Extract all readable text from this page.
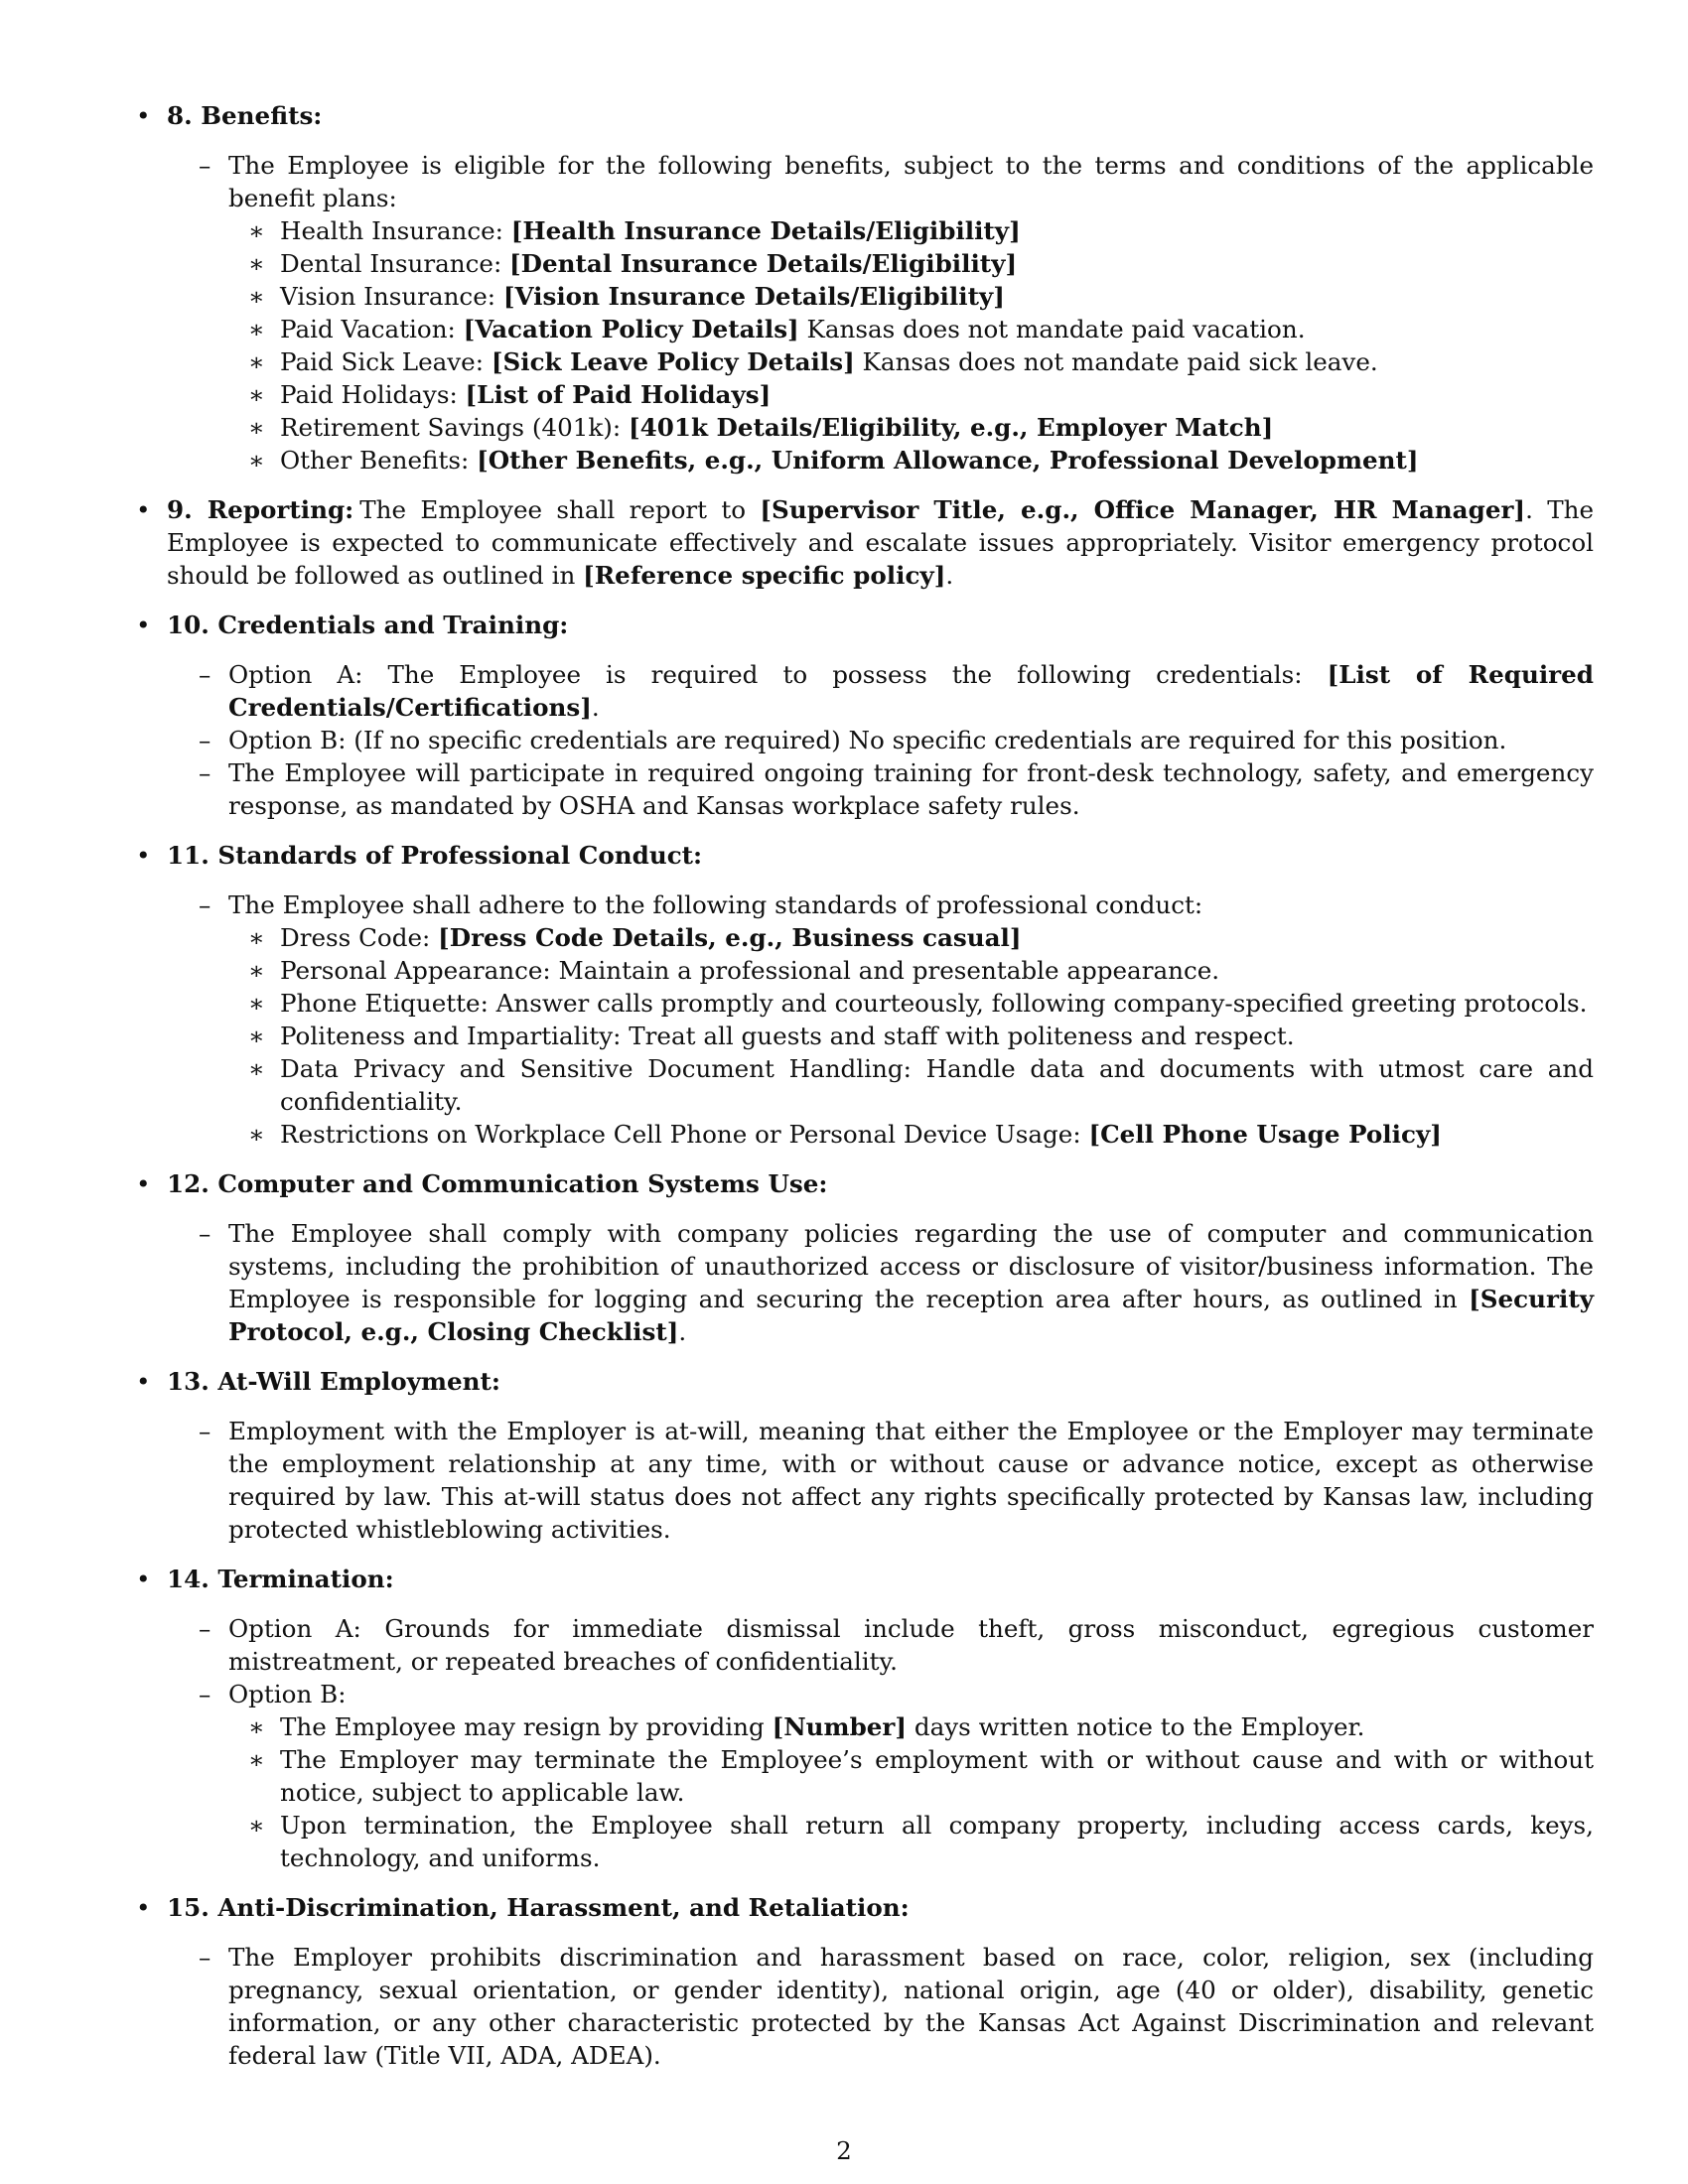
• 8. Benefits:
– The Employee is eligible for the following benefits, subject to the terms and conditions of the applicable benefit plans:
∗ Health Insurance: [Health Insurance Details/Eligibility]
∗ Dental Insurance: [Dental Insurance Details/Eligibility]
∗ Vision Insurance: [Vision Insurance Details/Eligibility]
∗ Paid Vacation: [Vacation Policy Details] Kansas does not mandate paid vacation.
∗ Paid Sick Leave: [Sick Leave Policy Details] Kansas does not mandate paid sick leave.
∗ Paid Holidays: [List of Paid Holidays]
∗ Retirement Savings (401k): [401k Details/Eligibility, e.g., Employer Match]
∗ Other Benefits: [Other Benefits, e.g., Uniform Allowance, Professional Development]
• 9. Reporting: The Employee shall report to [Supervisor Title, e.g., Office Manager, HR Manager]. The Employee is expected to communicate effectively and escalate issues appropriately. Visitor emergency protocol should be followed as outlined in [Reference specific policy].
• 10. Credentials and Training:
– Option A: The Employee is required to possess the following credentials: [List of Required Credentials/Certifications].
– Option B: (If no specific credentials are required) No specific credentials are required for this position.
– The Employee will participate in required ongoing training for front-desk technology, safety, and emergency response, as mandated by OSHA and Kansas workplace safety rules.
• 11. Standards of Professional Conduct:
– The Employee shall adhere to the following standards of professional conduct:
∗ Dress Code: [Dress Code Details, e.g., Business casual]
∗ Personal Appearance: Maintain a professional and presentable appearance.
∗ Phone Etiquette: Answer calls promptly and courteously, following company-specified greeting protocols.
∗ Politeness and Impartiality: Treat all guests and staff with politeness and respect.
∗ Data Privacy and Sensitive Document Handling: Handle data and documents with utmost care and confidentiality.
∗ Restrictions on Workplace Cell Phone or Personal Device Usage: [Cell Phone Usage Policy]
• 12. Computer and Communication Systems Use:
– The Employee shall comply with company policies regarding the use of computer and communication systems, including the prohibition of unauthorized access or disclosure of visitor/business information. The Employee is responsible for logging and securing the reception area after hours, as outlined in [Security Protocol, e.g., Closing Checklist].
• 13. At-Will Employment:
– Employment with the Employer is at-will, meaning that either the Employee or the Employer may terminate the employment relationship at any time, with or without cause or advance notice, except as otherwise required by law. This at-will status does not affect any rights specifically protected by Kansas law, including protected whistleblowing activities.
• 14. Termination:
– Option A: Grounds for immediate dismissal include theft, gross misconduct, egregious customer mistreatment, or repeated breaches of confidentiality.
– Option B:
∗ The Employee may resign by providing [Number] days written notice to the Employer.
∗ The Employer may terminate the Employee’s employment with or without cause and with or without notice, subject to applicable law.
∗ Upon termination, the Employee shall return all company property, including access cards, keys, technology, and uniforms.
• 15. Anti-Discrimination, Harassment, and Retaliation:
– The Employer prohibits discrimination and harassment based on race, color, religion, sex (including pregnancy, sexual orientation, or gender identity), national origin, age (40 or older), disability, genetic information, or any other characteristic protected by the Kansas Act Against Discrimination and relevant federal law (Title VII, ADA, ADEA).
2
